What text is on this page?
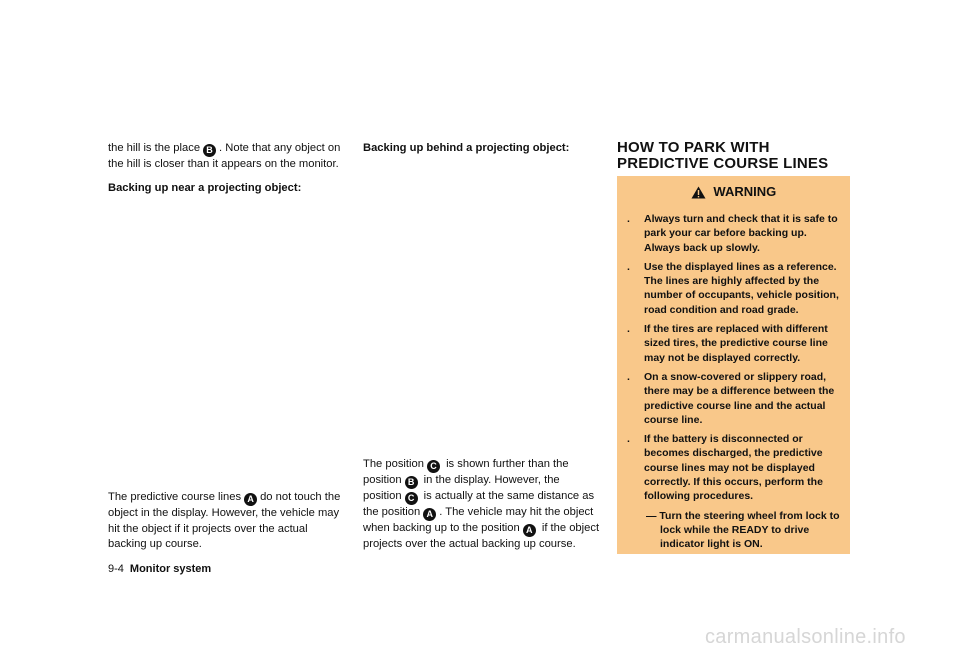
the hill is the place B . Note that any object on the hill is closer than it appears on the monitor.

Backing up near a projecting object:

The predictive course lines A do not touch the object in the display. However, the vehicle may hit the object if it projects over the actual backing up course.

Backing up behind a projecting object:

The position C is shown further than the position B in the display. However, the position C is actually at the same distance as the position A . The vehicle may hit the object when backing up to the position A if the object projects over the actual backing up course.

HOW TO PARK WITH PREDICTIVE COURSE LINES
WARNING
. Always turn and check that it is safe to park your car before backing up. Always back up slowly.
. Use the displayed lines as a reference. The lines are highly affected by the number of occupants, vehicle position, road condition and road grade.
. If the tires are replaced with different sized tires, the predictive course line may not be displayed correctly.
. On a snow-covered or slippery road, there may be a difference between the predictive course line and the actual course line.
. If the battery is disconnected or becomes discharged, the predictive course lines may not be displayed correctly. If this occurs, perform the following procedures.
— Turn the steering wheel from lock to lock while the READY to drive indicator light is ON.
9-4 Monitor system
carmanualsonline.info
